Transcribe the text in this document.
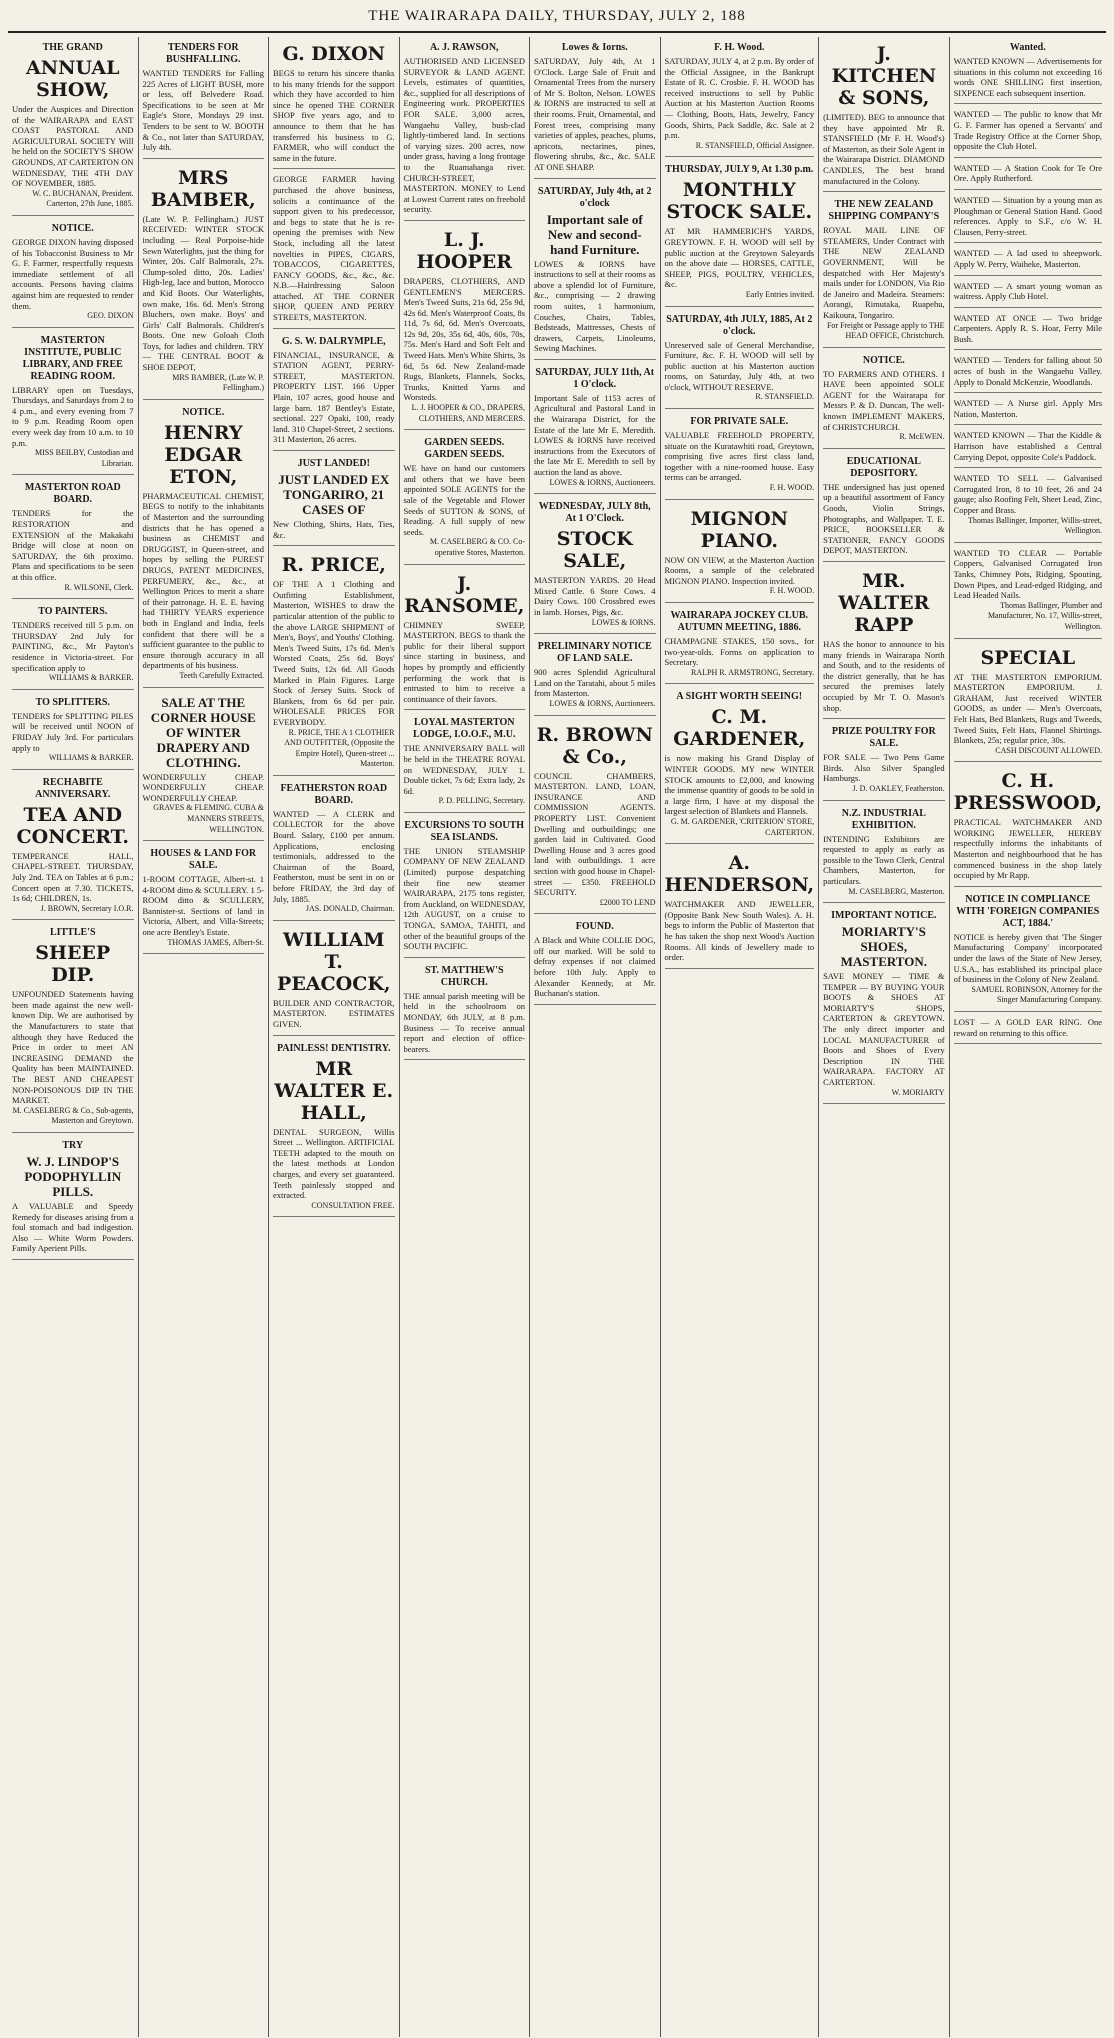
THE WAIRARAPA DAILY, THURSDAY, JULY 2, 188
THE GRAND
ANNUAL SHOW,
Under the Auspices and Direction of the WAIRARAPA and EAST COAST PASTORAL AND AGRICULTURAL SOCIETY Will be held on the SOCIETY'S SHOW GROUNDS, AT CARTERTON ON WEDNESDAY, THE 4TH DAY OF NOVEMBER, 1885.
W. C. BUCHANAN, President. Carterton, 27th June, 1885.
NOTICE.
GEORGE DIXON having disposed of his Tobacconist Business to Mr G. F. Farmer, respectfully requests immediate settlement of all accounts. Persons having claims against him are requested to render them.
GEO. DIXON
MASTERTON INSTITUTE, PUBLIC LIBRARY, AND FREE READING ROOM.
LIBRARY open on Tuesdays, Thursdays, and Saturdays from 2 to 4 p.m., and every evening from 7 to 9 p.m. Reading Room open every week day from 10 a.m. to 10 p.m.
MISS BEILBY, Custodian and Librarian.
MASTERTON ROAD BOARD.
TENDERS for the RESTORATION and EXTENSION of the Makakahi Bridge will close at noon on SATURDAY, the 6th proximo. Plans and specifications to be seen at this office.
R. WILSONE, Clerk.
TO PAINTERS.
TENDERS received till 5 p.m. on THURSDAY 2nd July for PAINTING, &c., Mr Payton's residence in Victoria-street. For specification apply to
WILLIAMS & BARKER.
TO SPLITTERS.
TENDERS for SPLITTING PILES will be received until NOON of FRIDAY July 3rd. For particulars apply to
WILLIAMS & BARKER.
RECHABITE ANNIVERSARY.
TEA AND CONCERT.
TEMPERANCE HALL, CHAPEL-STREET. THURSDAY, July 2nd. TEA on Tables at 6 p.m.; Concert open at 7.30. TICKETS, 1s 6d; CHILDREN, 1s.
J. BROWN, Secretary I.O.R.
LITTLE'S
SHEEP DIP.
UNFOUNDED Statements having been made against the new well-known Dip. We are authorised by the Manufacturers to state that although they have Reduced the Price in order to meet AN INCREASING DEMAND the Quality has been MAINTAINED. The BEST AND CHEAPEST NON-POISONOUS DIP IN THE MARKET.
M. CASELBERG & Co., Sub-agents, Masterton and Greytown.
TRY
W. J. LINDOP'S PODOPHYLLIN PILLS.
A VALUABLE and Speedy Remedy for diseases arising from a foul stomach and bad indigestion. Also — White Worm Powders. Family Aperient Pills.
TENDERS FOR BUSHFALLING.
WANTED TENDERS for Falling 225 Acres of LIGHT BUSH, more or less, off Belvedere Road. Specifications to be seen at Mr Eagle's Store, Mondays 29 inst. Tenders to be sent to W. BOOTH & Co., not later than SATURDAY, July 4th.
MRS BAMBER,
(Late W. P. Fellingham.) JUST RECEIVED: WINTER STOCK including — Real Porpoise-hide Sewn Waterlights, just the thing for Winter, 20s. Calf Balmorals, 27s. Clump-soled ditto, 20s. Ladies' High-leg, lace and button, Morocco and Kid Boots. Our Waterlights, own make, 16s. 6d. Men's Strong Bluchers, own make. Boys' and Girls' Calf Balmorals. Children's Boots. One new Goloah Cloth Toys, for ladies and children. TRY — THE CENTRAL BOOT & SHOE DEPOT,
MRS BAMBER, (Late W. P. Fellingham.)
NOTICE.
HENRY EDGAR ETON,
PHARMACEUTICAL CHEMIST, BEGS to notify to the inhabitants of Masterton and the surrounding districts that he has opened a business as CHEMIST and DRUGGIST, in Queen-street, and hopes by selling the PUREST DRUGS, PATENT MEDICINES, PERFUMERY, &c., &c., at Wellington Prices to merit a share of their patronage. H. E. E. having had THIRTY YEARS experience both in England and India, feels confident that there will be a sufficient guarantee to the public to ensure thorough accuracy in all departments of his business.
Teeth Carefully Extracted.
SALE AT THE CORNER HOUSE OF WINTER DRAPERY AND CLOTHING.
WONDERFULLY CHEAP. WONDERFULLY CHEAP. WONDERFULLY CHEAP.
GRAVES & FLEMING. CUBA & MANNERS STREETS, WELLINGTON.
HOUSES & LAND FOR SALE.
1-ROOM COTTAGE, Albert-st. 1 4-ROOM ditto & SCULLERY. 1 5-ROOM ditto & SCULLERY, Bannister-st. Sections of land in Victoria, Albert, and Villa-Streets; one acre Bentley's Estate.
THOMAS JAMES, Albert-St.
G. DIXON
BEGS to return his sincere thanks to his many friends for the support which they have accorded to him since he opened THE CORNER SHOP five years ago, and to announce to them that he has transferred his business to G. FARMER, who will conduct the same in the future.
GEORGE FARMER having purchased the above business, solicits a continuance of the support given to his predecessor, and begs to state that he is re-opening the premises with New Stock, including all the latest novelties in PIPES, CIGARS, TOBACCOS, CIGARETTES, FANCY GOODS, &c., &c., &c. N.B.—Hairdressing Saloon attached. AT THE CORNER SHOP, QUEEN AND PERRY STREETS, MASTERTON.
G. S. W. DALRYMPLE,
FINANCIAL, INSURANCE, & STATION AGENT, PERRY-STREET, MASTERTON. PROPERTY LIST. 166 Upper Plain, 107 acres, good house and large barn. 187 Bentley's Estate, sectional. 227 Opaki, 100, ready land. 310 Chapel-Street, 2 sections. 311 Masterton, 26 acres.
JUST LANDED!
JUST LANDED EX TONGARIRO, 21 CASES OF
New Clothing, Shirts, Hats, Ties, &c.
R. PRICE,
OF THE A 1 Clothing and Outfitting Establishment, Masterton, WISHES to draw the particular attention of the public to the above LARGE SHIPMENT of Men's, Boys', and Youths' Clothing. Men's Tweed Suits, 17s 6d. Men's Worsted Coats, 25s 6d. Boys' Tweed Suits, 12s 6d. All Goods Marked in Plain Figures. Large Stock of Jersey Suits. Stock of Blankets, from 6s 6d per pair. WHOLESALE PRICES FOR EVERYBODY.
R. PRICE, THE A 1 CLOTHIER AND OUTFITTER, (Opposite the Empire Hotel), Queen-street ... Masterton.
FEATHERSTON ROAD BOARD.
WANTED — A CLERK and COLLECTOR for the above Board. Salary, £100 per annum. Applications, enclosing testimonials, addressed to the Chairman of the Board, Featherston, must be sent in on or before FRIDAY, the 3rd day of July, 1885.
JAS. DONALD, Chairman.
WILLIAM T. PEACOCK,
BUILDER AND CONTRACTOR, MASTERTON. ESTIMATES GIVEN.
PAINLESS! DENTISTRY.
MR WALTER E. HALL,
DENTAL SURGEON, Willis Street ... Wellington. ARTIFICIAL TEETH adapted to the mouth on the latest methods at London charges, and every set guaranteed. Teeth painlessly stopped and extracted.
CONSULTATION FREE.
A. J. RAWSON,
AUTHORISED AND LICENSED SURVEYOR & LAND AGENT. Levels, estimates of quantities, &c., supplied for all descriptions of Engineering work. PROPERTIES FOR SALE. 3,000 acres, Wangaehu Valley, bush-clad lightly-timbered land. In sections of varying sizes. 200 acres, now under grass, having a long frontage to the Ruamahanga river. CHURCH-STREET, MASTERTON. MONEY to Lend at Lowest Current rates on freehold security.
L. J. HOOPER
DRAPERS, CLOTHIERS, AND GENTLEMEN'S MERCERS. Men's Tweed Suits, 21s 6d, 25s 9d, 42s 6d. Men's Waterproof Coats, 8s 11d, 7s 6d, 6d. Men's Overcoats, 12s 9d, 20s, 35s 6d, 40s, 60s, 70s, 75s. Men's Hard and Soft Felt and Tweed Hats. Men's White Shirts, 3s 6d, 5s 6d. New Zealand-made Rugs, Blankets, Flannels, Socks, Trunks, Knitted Yarns and Worsteds.
L. J. HOOPER & CO., DRAPERS, CLOTHIERS, AND MERCERS.
GARDEN SEEDS. GARDEN SEEDS.
WE have on hand our customers and others that we have been appointed SOLE AGENTS for the sale of the Vegetable and Flower Seeds of SUTTON & SONS, of Reading. A full supply of new seeds.
M. CASELBERG & CO. Co-operative Stores, Masterton.
J. RANSOME,
CHIMNEY SWEEP, MASTERTON. BEGS to thank the public for their liberal support since starting in business, and hopes by promptly and efficiently performing the work that is entrusted to him to receive a continuance of their favors.
LOYAL MASTERTON LODGE, I.O.O.F., M.U.
THE ANNIVERSARY BALL will be held in the THEATRE ROYAL on WEDNESDAY, JULY 1. Double ticket, 7s 6d; Extra lady, 2s 6d.
P. D. PELLING, Secretary.
EXCURSIONS TO SOUTH SEA ISLANDS.
THE UNION STEAMSHIP COMPANY OF NEW ZEALAND (Limited) purpose despatching their fine new steamer WAIRARAPA, 2175 tons register, from Auckland, on WEDNESDAY, 12th AUGUST, on a cruise to TONGA, SAMOA, TAHITI, and other of the beautiful groups of the SOUTH PACIFIC.
ST. MATTHEW'S CHURCH.
THE annual parish meeting will be held in the schoolroom on MONDAY, 6th JULY, at 8 p.m. Business — To receive annual report and election of office-bearers.
Lowes & Iorns.
SATURDAY, July 4th, At 1 O'Clock. Large Sale of Fruit and Ornamental Trees from the nursery of Mr S. Bolton, Nelson. LOWES & IORNS are instructed to sell at their rooms. Fruit, Ornamental, and Forest trees, comprising many varieties of apples, peaches, plums, apricots, nectarines, pines, flowering shrubs, &c., &c. SALE AT ONE SHARP.
SATURDAY, July 4th, at 2 o'clock
Important sale of New and second-hand Furniture.
LOWES & IORNS have instructions to sell at their rooms as above a splendid lot of Furniture, &c., comprising — 2 drawing room suites, 1 harmonium, Couches, Chairs, Tables, Bedsteads, Mattresses, Chests of drawers, Carpets, Linoleums, Sewing Machines.
SATURDAY, JULY 11th, At 1 O'clock.
Important Sale of 1153 acres of Agricultural and Pastoral Land in the Wairarapa District, for the Estate of the late Mr E. Meredith. LOWES & IORNS have received instructions from the Executors of the late Mr E. Meredith to sell by auction the land as above.
LOWES & IORNS, Auctioneers.
WEDNESDAY, JULY 8th, At 1 O'Clock.
STOCK SALE,
MASTERTON YARDS. 20 Head Mixed Cattle. 6 Store Cows. 4 Dairy Cows. 100 Crossbred ewes in lamb. Horses, Pigs, &c.
LOWES & IORNS.
PRELIMINARY NOTICE OF LAND SALE.
900 acres Splendid Agricultural Land on the Taratahi, about 5 miles from Masterton.
LOWES & IORNS, Auctioneers.
R. BROWN & Co.,
COUNCIL CHAMBERS, MASTERTON. LAND, LOAN, INSURANCE AND COMMISSION AGENTS. PROPERTY LIST. Convenient Dwelling and outbuildings; one garden laid in Cultivated. Good Dwelling House and 3 acres good land with outbuildings. 1 acre section with good house in Chapel-street — £350. FREEHOLD SECURITY.
£2000 TO LEND
FOUND.
A Black and White COLLIE DOG, off our marked. Will be sold to defray expenses if not claimed before 10th July. Apply to Alexander Kennedy, at Mr. Buchanan's station.
F. H. Wood.
SATURDAY, JULY 4, at 2 p.m. By order of the Official Assignee, in the Bankrupt Estate of R. C. Crosbie. F. H. WOOD has received instructions to sell by Public Auction at his Masterton Auction Rooms — Clothing, Boots, Hats, Jewelry, Fancy Goods, Shirts, Pack Saddle, &c. Sale at 2 p.m.
R. STANSFIELD, Official Assignee.
THURSDAY, JULY 9, At 1.30 p.m.
MONTHLY STOCK SALE.
AT MR HAMMERICH'S YARDS, GREYTOWN. F. H. WOOD will sell by public auction at the Greytown Saleyards on the above date — HORSES, CATTLE, SHEEP, PIGS, POULTRY, VEHICLES, &c.
Early Entries invited.
SATURDAY, 4th JULY, 1885, At 2 o'clock.
Unreserved sale of General Merchandise, Furniture, &c. F. H. WOOD will sell by public auction at his Masterton auction rooms, on Saturday, July 4th, at two o'clock, WITHOUT RESERVE.
R. STANSFIELD.
FOR PRIVATE SALE.
VALUABLE FREEHOLD PROPERTY, situate on the Kuratawhiti road, Greytown, comprising five acres first class land, together with a nine-roomed house. Easy terms can be arranged.
F. H. WOOD.
MIGNON PIANO.
NOW ON VIEW, at the Masterton Auction Rooms, a sample of the celebrated MIGNON PIANO. Inspection invited.
F. H. WOOD.
WAIRARAPA JOCKEY CLUB. AUTUMN MEETING, 1886.
CHAMPAGNE STAKES, 150 sovs., for two-year-olds. Forms on application to Secretary.
RALPH R. ARMSTRONG, Secretary.
A SIGHT WORTH SEEING!
C. M. GARDENER,
is now making his Grand Display of WINTER GOODS. MY new WINTER STOCK amounts to £2,000, and knowing the immense quantity of goods to be sold in a large firm, I have at my disposal the largest selection of Blankets and Flannels.
G. M. GARDENER, 'CRITERION' STORE, CARTERTON.
A. HENDERSON,
WATCHMAKER AND JEWELLER, (Opposite Bank New South Wales). A. H. begs to inform the Public of Masterton that he has taken the shop next Wood's Auction Rooms. All kinds of Jewellery made to order.
J. KITCHEN & SONS,
(LIMITED). BEG to announce that they have appointed Mr R. STANSFIELD (Mr F. H. Wood's) of Masterton, as their Sole Agent in the Wairarapa District. DIAMOND CANDLES, The best brand manufactured in the Colony.
THE NEW ZEALAND SHIPPING COMPANY'S
ROYAL MAIL LINE OF STEAMERS, Under Contract with THE NEW ZEALAND GOVERNMENT, Will be despatched with Her Majesty's mails under for LONDON, Via Rio de Janeiro and Madeira. Steamers: Aorangi, Rimutaka, Ruapehu, Kaikoura, Tongariro.
For Freight or Passage apply to THE HEAD OFFICE, Christchurch.
NOTICE.
TO FARMERS AND OTHERS. I HAVE been appointed SOLE AGENT for the Wairarapa for Messrs P. & D. Duncan, The well-known IMPLEMENT MAKERS, of CHRISTCHURCH.
R. McEWEN.
EDUCATIONAL DEPOSITORY.
THE undersigned has just opened up a beautiful assortment of Fancy Goods, Violin Strings, Photographs, and Wallpaper. T. E. PRICE, BOOKSELLER & STATIONER, FANCY GOODS DEPOT, MASTERTON.
MR. WALTER RAPP
HAS the honor to announce to his many friends in Wairarapa North and South, and to the residents of the district generally, that he has secured the premises lately occupied by Mr T. O. Mason's shop.
PRIZE POULTRY FOR SALE.
FOR SALE — Two Pens Game Birds. Also Silver Spangled Hamburgs.
J. D. OAKLEY, Featherston.
N.Z. INDUSTRIAL EXHIBITION.
INTENDING Exhibitors are requested to apply as early as possible to the Town Clerk, Central Chambers, Masterton, for particulars.
M. CASELBERG, Masterton.
IMPORTANT NOTICE.
MORIARTY'S SHOES, MASTERTON.
SAVE MONEY — TIME & TEMPER — BY BUYING YOUR BOOTS & SHOES AT MORIARTY'S SHOPS, CARTERTON & GREYTOWN. The only direct importer and LOCAL MANUFACTURER of Boots and Shoes of Every Description IN THE WAIRARAPA. FACTORY AT CARTERTON.
W. MORIARTY
Wanted.
WANTED KNOWN — Advertisements for situations in this column not exceeding 16 words ONE SHILLING first insertion, SIXPENCE each subsequent insertion.
WANTED — The public to know that Mr G. F. Farmer has opened a Servants' and Trade Registry Office at the Corner Shop, opposite the Club Hotel.
WANTED — A Station Cook for Te Ore Ore. Apply Rutherford.
WANTED — Situation by a young man as Ploughman or General Station Hand. Good references. Apply to S.F., c/o W. H. Clausen, Perry-street.
WANTED — A lad used to sheepwork. Apply W. Perry, Waiheke, Masterton.
WANTED — A smart young woman as waitress. Apply Club Hotel.
WANTED AT ONCE — Two bridge Carpenters. Apply R. S. Hoar, Ferry Mile Bush.
WANTED — Tenders for falling about 50 acres of bush in the Wangaehu Valley. Apply to Donald McKenzie, Woodlands.
WANTED — A Nurse girl. Apply Mrs Nation, Masterton.
WANTED KNOWN — That the Kiddle & Harrison have established a Central Carrying Depot, opposite Cole's Paddock.
WANTED TO SELL — Galvanised Corrugated Iron, 8 to 10 feet, 26 and 24 gauge; also Roofing Felt, Sheet Lead, Zinc, Copper and Brass.
Thomas Ballinger, Importer, Willis-street, Wellington.
WANTED TO CLEAR — Portable Coppers, Galvanised Corrugated Iron Tanks, Chimney Pots, Ridging, Spouting, Down Pipes, and Lead-edged Ridging, and Lead Headed Nails.
Thomas Ballinger, Plumber and Manufacturer, No. 17, Willis-street, Wellington.
SPECIAL
AT THE MASTERTON EMPORIUM. MASTERTON EMPORIUM. J. GRAHAM, Just received WINTER GOODS, as under — Men's Overcoats, Felt Hats, Bed Blankets, Rugs and Tweeds, Tweed Suits, Felt Hats, Flannel Shirtings. Blankets, 25s; regular price, 30s.
CASH DISCOUNT ALLOWED.
C. H. PRESSWOOD,
PRACTICAL WATCHMAKER AND WORKING JEWELLER, HEREBY respectfully informs the inhabitants of Masterton and neighbourhood that he has commenced business in the shop lately occupied by Mr Rapp.
NOTICE IN COMPLIANCE WITH 'FOREIGN COMPANIES ACT, 1884.'
NOTICE is hereby given that 'The Singer Manufacturing Company' incorporated under the laws of the State of New Jersey, U.S.A., has established its principal place of business in the Colony of New Zealand.
SAMUEL ROBINSON, Attorney for the Singer Manufacturing Company.
LOST — A GOLD EAR RING. One reward on returning to this office.
